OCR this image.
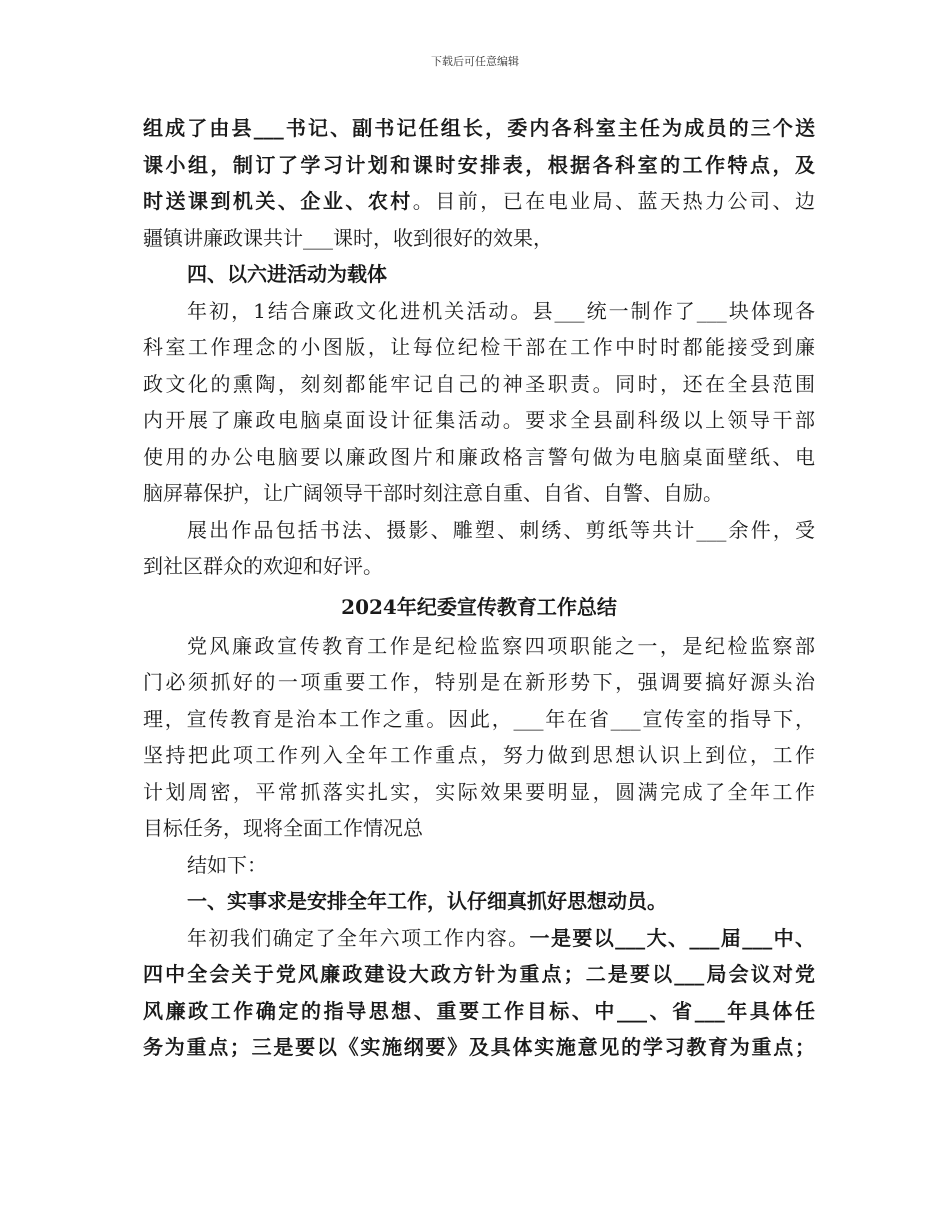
下载后可任意编辑
组成了由县___书记、副书记任组长，委内各科室主任为成员的三个送
课小组，制订了学习计划和课时安排表，根据各科室的工作特点，及
时送课到机关、企业、农村。目前，已在电业局、蓝天热力公司、边
疆镇讲廉政课共计___课时，收到很好的效果，
四、以六进活动为载体
年初，1结合廉政文化进机关活动。县___统一制作了___块体现各
科室工作理念的小图版，让每位纪检干部在工作中时时都能接受到廉
政文化的熏陶，刻刻都能牢记自己的神圣职责。同时，还在全县范围
内开展了廉政电脑桌面设计征集活动。要求全县副科级以上领导干部
使用的办公电脑要以廉政图片和廉政格言警句做为电脑桌面壁纸、电
脑屏幕保护，让广阔领导干部时刻注意自重、自省、自警、自励。
展出作品包括书法、摄影、雕塑、刺绣、剪纸等共计___余件，受
到社区群众的欢迎和好评。
2024年纪委宣传教育工作总结
党风廉政宣传教育工作是纪检监察四项职能之一，是纪检监察部
门必须抓好的一项重要工作，特别是在新形势下，强调要搞好源头治
理，宣传教育是治本工作之重。因此，___年在省___宣传室的指导下，
坚持把此项工作列入全年工作重点，努力做到思想认识上到位，工作
计划周密，平常抓落实扎实，实际效果要明显，圆满完成了全年工作
目标任务，现将全面工作情况总
结如下：
一、实事求是安排全年工作，认仔细真抓好思想动员。
年初我们确定了全年六项工作内容。一是要以___大、___届___中、
四中全会关于党风廉政建设大政方针为重点；二是要以___局会议对党
风廉政工作确定的指导思想、重要工作目标、中___、省___年具体任
务为重点；三是要以《实施纲要》及具体实施意见的学习教育为重点；
